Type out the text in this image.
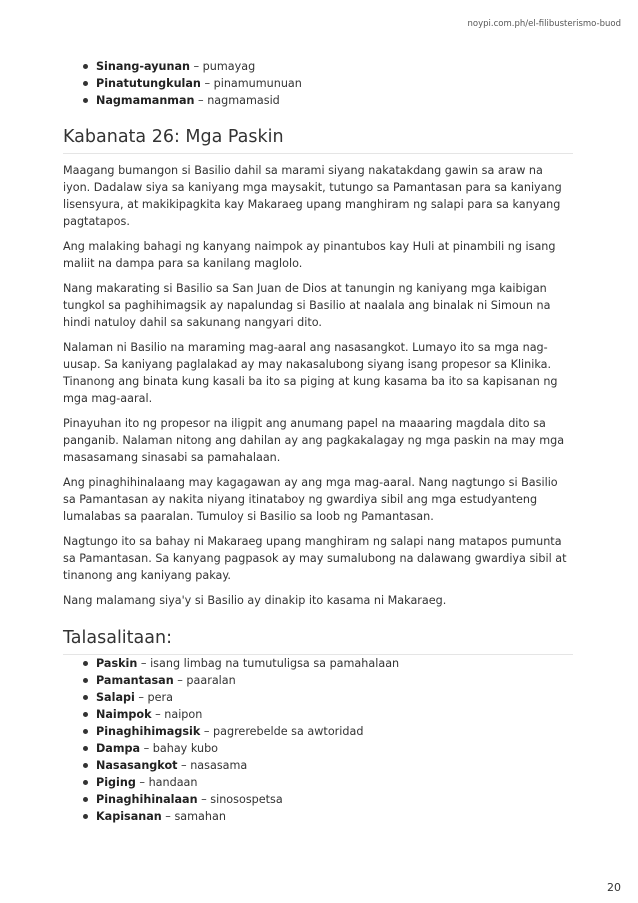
noypi.com.ph/el-filibusterismo-buod
Sinang-ayunan – pumayag
Pinatutungkulan – pinamumunuan
Nagmamanman – nagmamasid
Kabanata 26: Mga Paskin

Maagang bumangon si Basilio dahil sa marami siyang nakatakdang gawin sa araw na iyon. Dadalaw siya sa kaniyang mga maysakit, tutungo sa Pamantasan para sa kaniyang lisensyura, at makikipagkita kay Makaraeg upang manghiram ng salapi para sa kanyang pagtatapos.

Ang malaking bahagi ng kanyang naimpok ay pinantubos kay Huli at pinambili ng isang maliit na dampa para sa kanilang maglolo.

Nang makarating si Basilio sa San Juan de Dios at tanungin ng kaniyang mga kaibigan tungkol sa paghihimagsik ay napalundag si Basilio at naalala ang binalak ni Simoun na hindi natuloy dahil sa sakunang nangyari dito.

Nalaman ni Basilio na maraming mag-aaral ang nasasangkot. Lumayo ito sa mga nag-uusap. Sa kaniyang paglalakad ay may nakasalubong siyang isang propesor sa Klinika. Tinanong ang binata kung kasali ba ito sa piging at kung kasama ba ito sa kapisanan ng mga mag-aaral.

Pinayuhan ito ng propesor na iligpit ang anumang papel na maaaring magdala dito sa panganib. Nalaman nitong ang dahilan ay ang pagkakalagay ng mga paskin na may mga masasamang sinasabi sa pamahalaan.

Ang pinaghihinalaang may kagagawan ay ang mga mag-aaral. Nang nagtungo si Basilio sa Pamantasan ay nakita niyang itinataboy ng gwardiya sibil ang mga estudyanteng lumalabas sa paaralan. Tumuloy si Basilio sa loob ng Pamantasan.

Nagtungo ito sa bahay ni Makaraeg upang manghiram ng salapi nang matapos pumunta sa Pamantasan. Sa kanyang pagpasok ay may sumalubong na dalawang gwardiya sibil at tinanong ang kaniyang pakay.

Nang malamang siya'y si Basilio ay dinakip ito kasama ni Makaraeg.

Talasalitaan:
Paskin – isang limbag na tumutuligsa sa pamahalaan
Pamantasan – paaralan
Salapi – pera
Naimpok – naipon
Pinaghihimagsik – pagrerebelde sa awtoridad
Dampa – bahay kubo
Nasasangkot – nasasama
Piging – handaan
Pinaghihinalaan – sinosospetsa
Kapisanan – samahan
20
